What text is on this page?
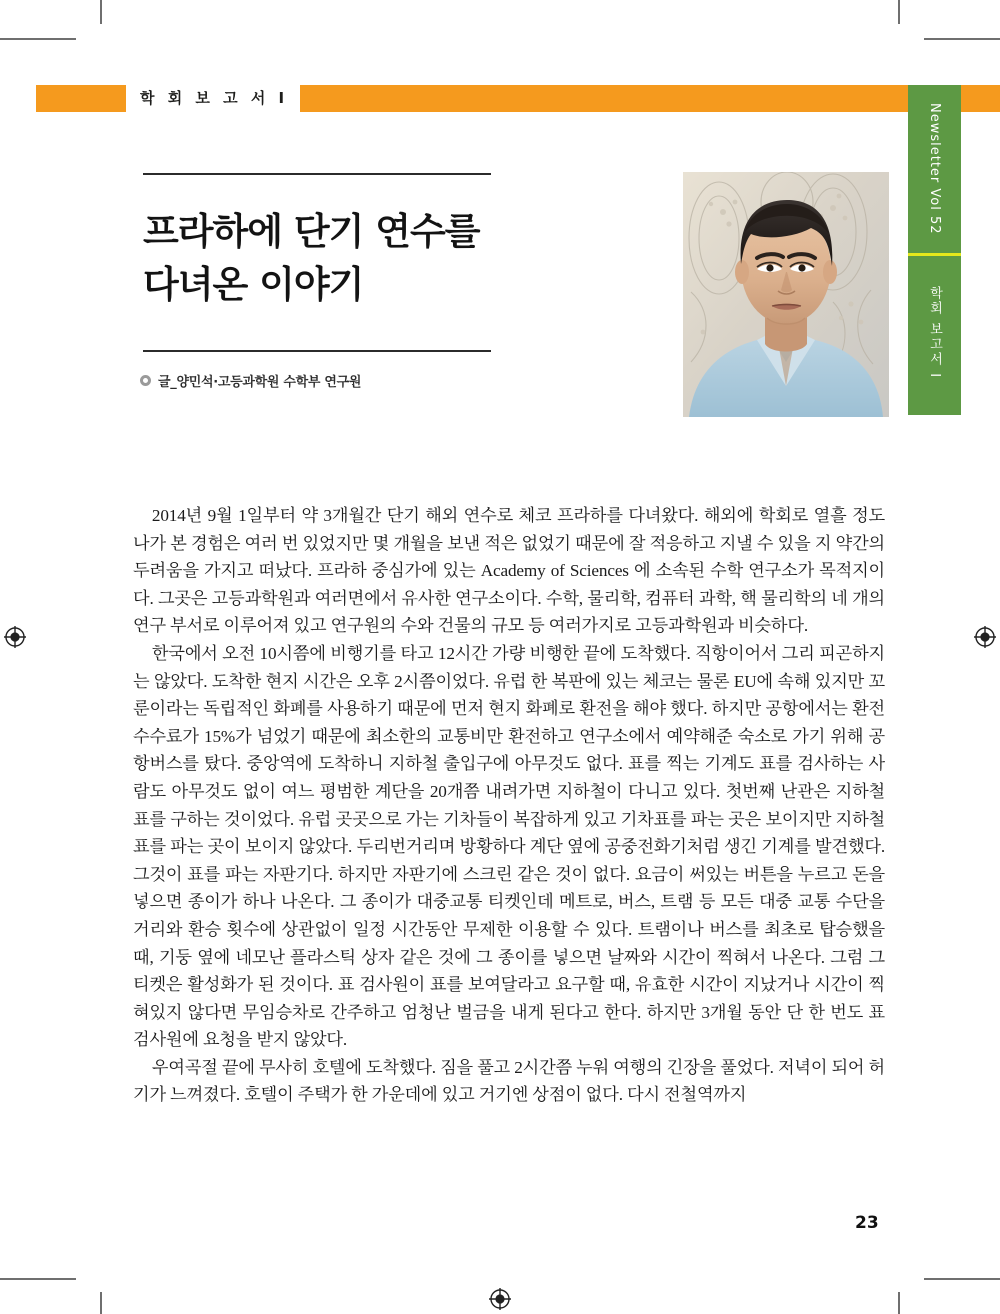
학 회 보 고 서 I
Newsletter Vol 52
학회 보고서 I
프라하에 단기 연수를
다녀온 이야기
글_양민석·고등과학원 수학부 연구원

2014년 9월 1일부터 약 3개월간 단기 해외 연수로 체코 프라하를 다녀왔다. 해외에 학회로 열흘 정도 나가 본 경험은 여러 번 있었지만 몇 개월을 보낸 적은 없었기 때문에 잘 적응하고 지낼 수 있을 지 약간의 두려움을 가지고 떠났다. 프라하 중심가에 있는 Academy of Sciences 에 소속된 수학 연구소가 목적지이다. 그곳은 고등과학원과 여러면에서 유사한 연구소이다. 수학, 물리학, 컴퓨터 과학, 핵 물리학의 네 개의 연구 부서로 이루어져 있고 연구원의 수와 건물의 규모 등 여러가지로 고등과학원과 비슷하다.

한국에서 오전 10시쯤에 비행기를 타고 12시간 가량 비행한 끝에 도착했다. 직항이어서 그리 피곤하지는 않았다. 도착한 현지 시간은 오후 2시쯤이었다. 유럽 한 복판에 있는 체코는 물론 EU에 속해 있지만 꼬룬이라는 독립적인 화폐를 사용하기 때문에 먼저 현지 화폐로 환전을 해야 했다. 하지만 공항에서는 환전 수수료가 15%가 넘었기 때문에 최소한의 교통비만 환전하고 연구소에서 예약해준 숙소로 가기 위해 공항버스를 탔다. 중앙역에 도착하니 지하철 출입구에 아무것도 없다. 표를 찍는 기계도 표를 검사하는 사람도 아무것도 없이 여느 평범한 계단을 20개쯤 내려가면 지하철이 다니고 있다. 첫번째 난관은 지하철 표를 구하는 것이었다. 유럽 곳곳으로 가는 기차들이 복잡하게 있고 기차표를 파는 곳은 보이지만 지하철 표를 파는 곳이 보이지 않았다. 두리번거리며 방황하다 계단 옆에 공중전화기처럼 생긴 기계를 발견했다. 그것이 표를 파는 자판기다. 하지만 자판기에 스크린 같은 것이 없다. 요금이 써있는 버튼을 누르고 돈을 넣으면 종이가 하나 나온다. 그 종이가 대중교통 티켓인데 메트로, 버스, 트램 등 모든 대중 교통 수단을 거리와 환승 횟수에 상관없이 일정 시간동안 무제한 이용할 수 있다. 트램이나 버스를 최초로 탑승했을 때, 기둥 옆에 네모난 플라스틱 상자 같은 것에 그 종이를 넣으면 날짜와 시간이 찍혀서 나온다. 그럼 그 티켓은 활성화가 된 것이다. 표 검사원이 표를 보여달라고 요구할 때, 유효한 시간이 지났거나 시간이 찍혀있지 않다면 무임승차로 간주하고 엄청난 벌금을 내게 된다고 한다. 하지만 3개월 동안 단 한 번도 표 검사원에 요청을 받지 않았다.

우여곡절 끝에 무사히 호텔에 도착했다. 짐을 풀고 2시간쯤 누워 여행의 긴장을 풀었다. 저녁이 되어 허기가 느껴졌다. 호텔이 주택가 한 가운데에 있고 거기엔 상점이 없다. 다시 전철역까지

23
